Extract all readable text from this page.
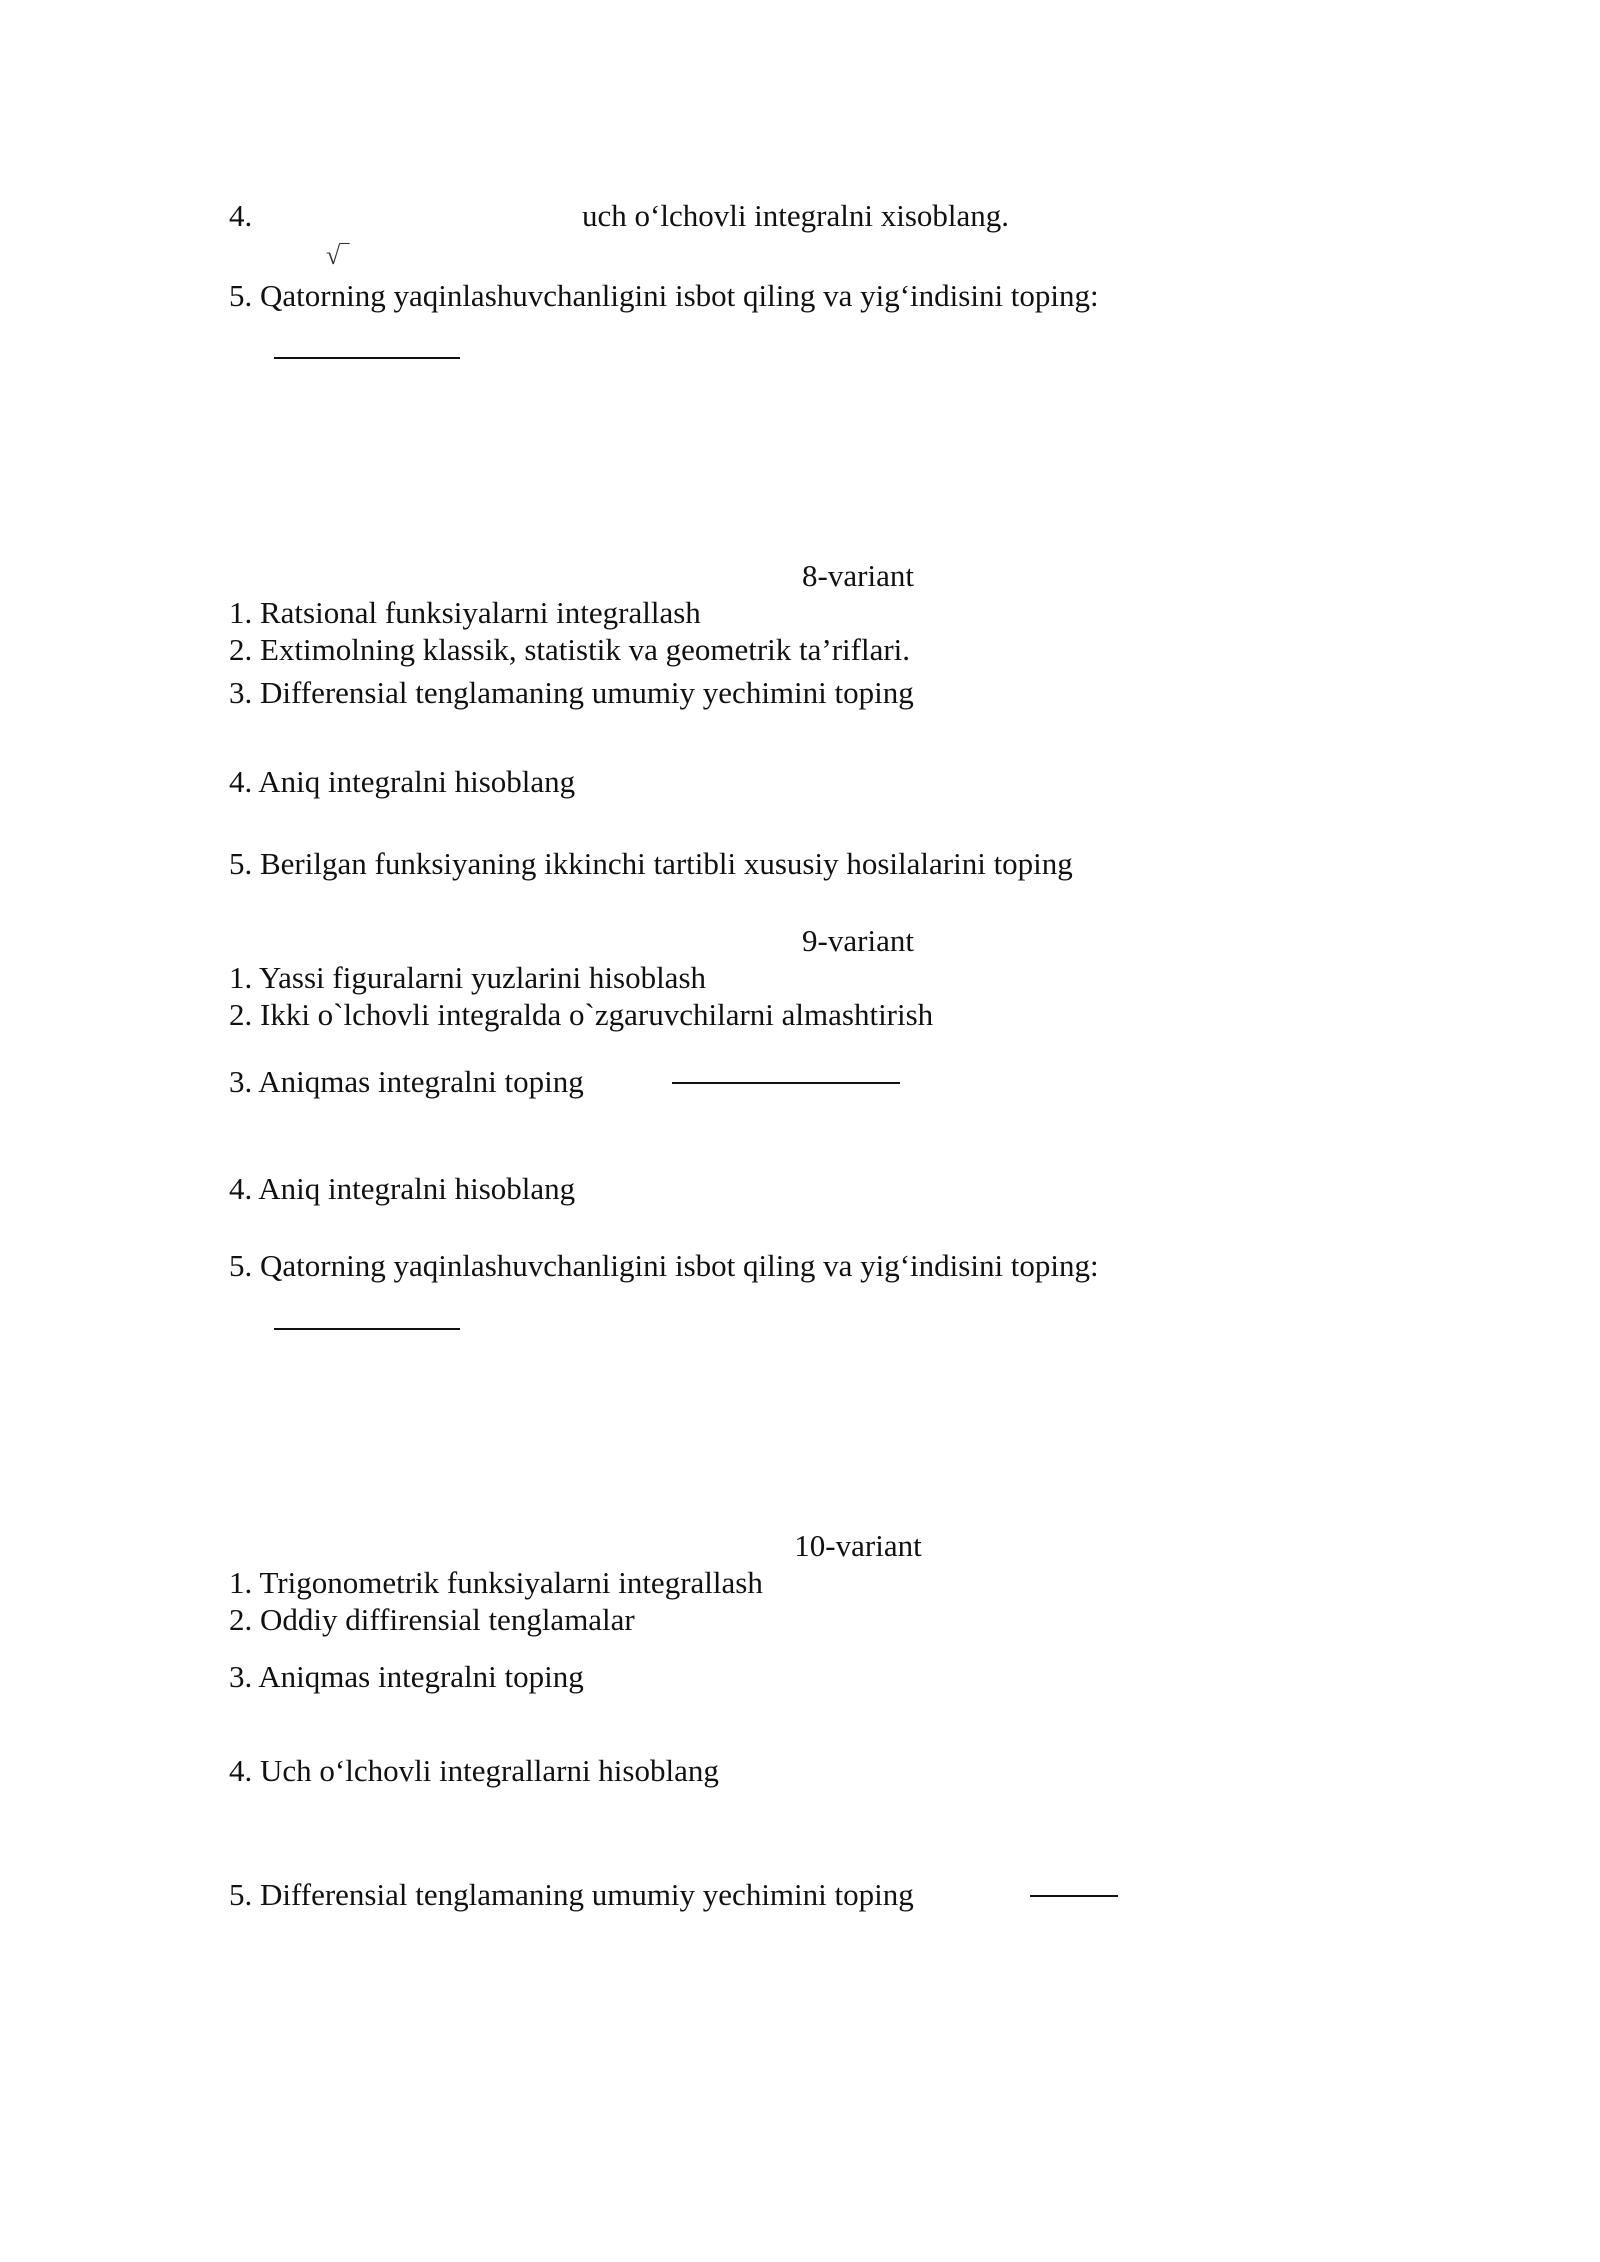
4.	uch o‘lchovli integralni xisoblang.
√‾
5. Qatorning yaqinlashuvchanligini isbot qiling va yig‘indisini toping:
8-variant
1. Ratsional funksiyalarni integrallash
2. Extimolning klassik, statistik va geometrik ta’riflari.
3. Differensial tenglamaning umumiy yechimini toping
4. Aniq integralni hisoblang
5. Berilgan funksiyaning ikkinchi tartibli xususiy hosilalarini toping
9-variant
1. Yassi figuralarni yuzlarini hisoblash
2. Ikki o`lchovli integralda o`zgaruvchilarni almashtirish
3. Aniqmas integralni toping
4. Aniq integralni hisoblang
5. Qatorning yaqinlashuvchanligini isbot qiling va yig‘indisini toping:
10-variant
1. Trigonometrik funksiyalarni integrallash
2. Oddiy diffirensial tenglamalar
3. Aniqmas integralni toping
4. Uch o‘lchovli integrallarni hisoblang
5. Differensial tenglamaning umumiy yechimini toping
